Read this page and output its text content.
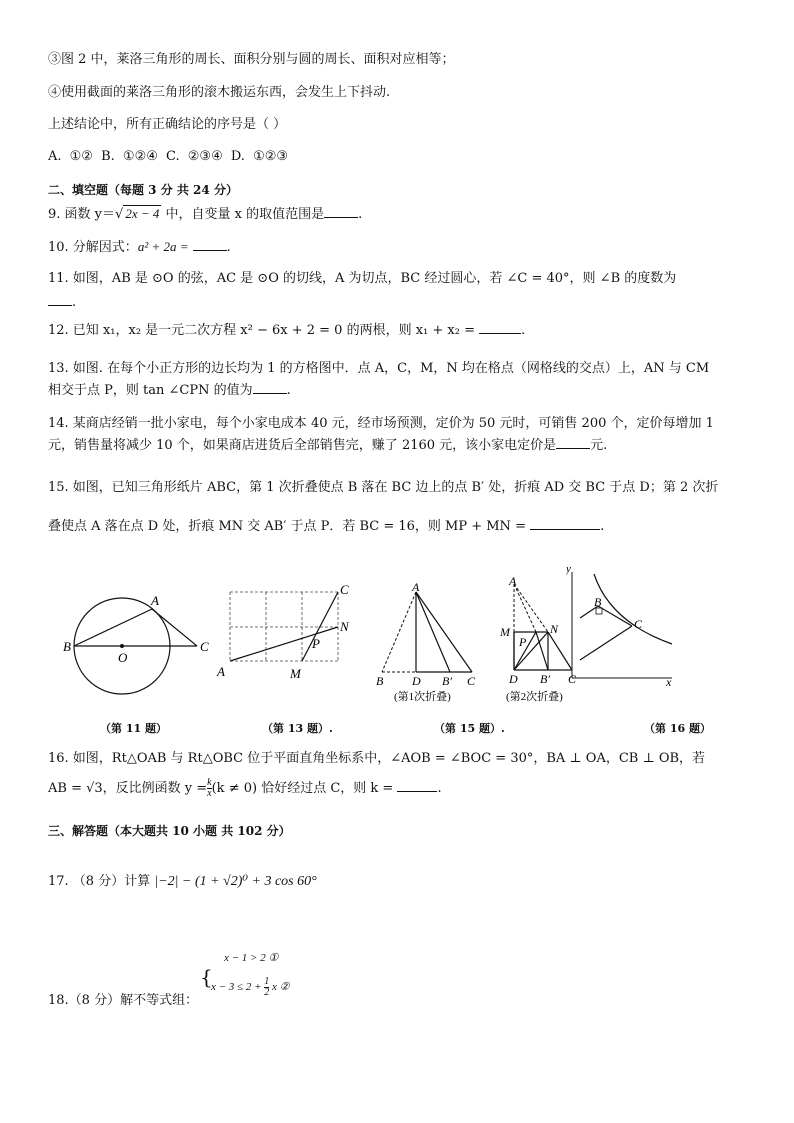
③图 2 中，莱洛三角形的周长、面积分别与圆的周长、面积对应相等；
④使用截面的莱洛三角形的滚木搬运东西，会发生上下抖动.
上述结论中，所有正确结论的序号是（ ）
A. ①② B. ①②④ C. ②③④ D. ①②③
二、填空题（每题 3 分 共 24 分）
9. 函数 y＝√ 2x − 4 中，自变量 x 的取值范围是	.
10. 分解因式：a² + 2a =	.
11. 如图，AB 是 ⊙O 的弦，AC 是 ⊙O 的切线，A 为切点，BC 经过圆心，若 ∠C = 40°，则 ∠B 的度数为
.
12. 已知 x₁，x₂ 是一元二次方程 x² − 6x + 2 = 0 的两根，则 x₁ + x₂ =	.
13. 如图. 在每个小正方形的边长均为 1 的方格图中．点 A，C，M，N 均在格点（网格线的交点）上，AN 与 CM
相交于点 P，则 tan ∠CPN 的值为	.
14. 某商店经销一批小家电，每个小家电成本 40 元，经市场预测，定价为 50 元时，可销售 200 个，定价每增加 1
元，销售量将减少 10 个，如果商店进货后全部销售完，赚了 2160 元，该小家电定价是	元.
15. 如图，已知三角形纸片 ABC，第 1 次折叠使点 B 落在 BC 边上的点 B′ 处，折痕 AD 交 BC 于点 D；第 2 次折
叠使点 A 落在点 D 处，折痕 MN 交 AB′ 于点 P．若 BC = 16，则 MP + MN =	.
A
B	C
O
C
N
P
A	M
A
B D B′ C
(第1次折叠)
A
M	N
P
D B′ C
(第2次折叠)
y
x
B
C
（第 11 题）	（第 13 题）.	（第 15 题）.	（第 16 题）
16. 如图，Rt△OAB 与 Rt△OBC 位于平面直角坐标系中，∠AOB = ∠BOC = 30°，BA ⊥ OA，CB ⊥ OB，若
AB = √3，反比例函数 $y = \frac{k}{x} (k \ne 0)$ 恰好经过点 C，则 k =	.
三、解答题（本大题共 10 小题 共 102 分）
17. （8 分）计算 |−2| − (1 + √2)⁰ + 3 cos 60°
18.（8 分）解不等式组：
{
x − 1 > 2 ①
$x - 3 \le 2 + \frac{1}{2}$ x ②
